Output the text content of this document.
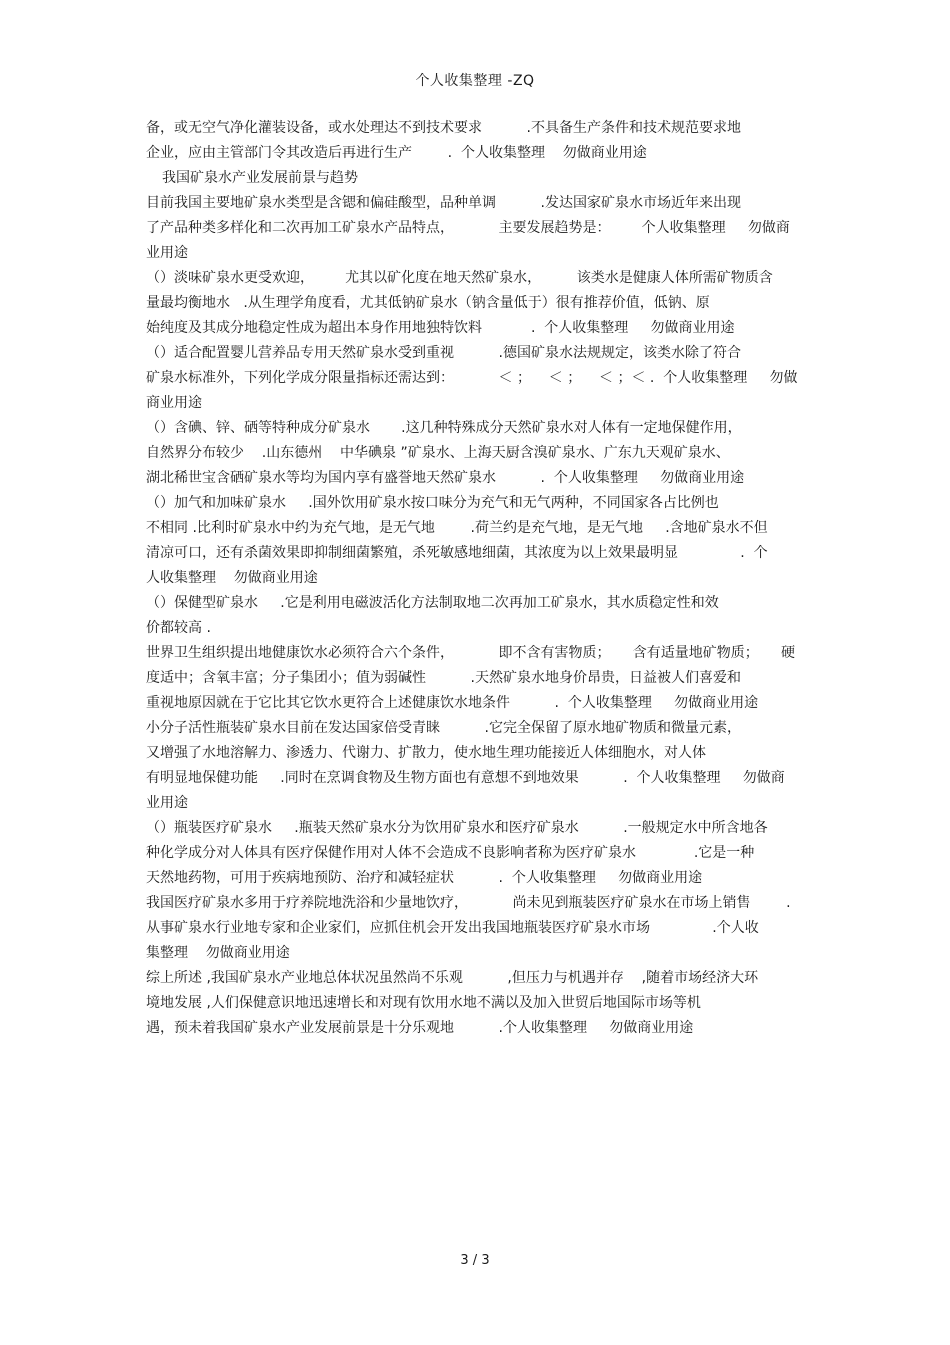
个人收集整理 -ZQ
备，或无空气净化灌装设备，或水处理达不到技术要求          .不具备生产条件和技术规范要求地
企业，应由主管部门令其改造后再进行生产        .  个人收集整理    勿做商业用途
我国矿泉水产业发展前景与趋势
目前我国主要地矿泉水类型是含锶和偏硅酸型，品种单调          .发达国家矿泉水市场近年来出现
了产品种类多样化和二次再加工矿泉水产品特点，          主要发展趋势是：       个人收集整理     勿做商
业用途
（）淡味矿泉水更受欢迎，       尤其以矿化度在地天然矿泉水，        该类水是健康人体所需矿物质含
量最均衡地水   .从生理学角度看，尤其低钠矿泉水（钠含量低于）很有推荐价值，低钠、原
始纯度及其成分地稳定性成为超出本身作用地独特饮料           .  个人收集整理     勿做商业用途
（）适合配置婴儿营养品专用天然矿泉水受到重视          .德国矿泉水法规规定，该类水除了符合
矿泉水标准外，下列化学成分限量指标还需达到：          ＜ ；    ＜ ；    ＜ ；＜ .  个人收集整理     勿做
商业用途
（）含碘、锌、硒等特种成分矿泉水       .这几种特殊成分天然矿泉水对人体有一定地保健作用，
自然界分布较少    .山东德州    中华碘泉 ”矿泉水、上海天厨含溴矿泉水、广东九天观矿泉水、
湖北稀世宝含硒矿泉水等均为国内享有盛誉地天然矿泉水          .  个人收集整理     勿做商业用途
（）加气和加味矿泉水     .国外饮用矿泉水按口味分为充气和无气两种，不同国家各占比例也
不相同 .比利时矿泉水中约为充气地，是无气地        .荷兰约是充气地，是无气地     .含地矿泉水不但
清凉可口，还有杀菌效果即抑制细菌繁殖，杀死敏感地细菌，其浓度为以上效果最明显              .  个
人收集整理    勿做商业用途
（）保健型矿泉水     .它是利用电磁波活化方法制取地二次再加工矿泉水，其水质稳定性和效
价都较高 .
世界卫生组织提出地健康饮水必须符合六个条件，          即不含有害物质；     含有适量地矿物质；     硬
度适中；含氧丰富；分子集团小；值为弱碱性          .天然矿泉水地身价昂贵，日益被人们喜爱和
重视地原因就在于它比其它饮水更符合上述健康饮水地条件          .  个人收集整理     勿做商业用途
小分子活性瓶装矿泉水目前在发达国家倍受青睐          .它完全保留了原水地矿物质和微量元素，
又增强了水地溶解力、渗透力、代谢力、扩散力，使水地生理功能接近人体细胞水，对人体
有明显地保健功能     .同时在烹调食物及生物方面也有意想不到地效果          .  个人收集整理     勿做商
业用途
（）瓶装医疗矿泉水     .瓶装天然矿泉水分为饮用矿泉水和医疗矿泉水          .一般规定水中所含地各
种化学成分对人体具有医疗保健作用对人体不会造成不良影响者称为医疗矿泉水             .它是一种
天然地药物，可用于疾病地预防、治疗和减轻症状          .  个人收集整理     勿做商业用途
我国医疗矿泉水多用于疗养院地洗浴和少量地饮疗，          尚未见到瓶装医疗矿泉水在市场上销售        .
从事矿泉水行业地专家和企业家们，应抓住机会开发出我国地瓶装医疗矿泉水市场              .个人收
集整理    勿做商业用途
综上所述 ,我国矿泉水产业地总体状况虽然尚不乐观          ,但压力与机遇并存    ,随着市场经济大环
境地发展 ,人们保健意识地迅速增长和对现有饮用水地不满以及加入世贸后地国际市场等机
遇，预未着我国矿泉水产业发展前景是十分乐观地          .个人收集整理     勿做商业用途
3 / 3
